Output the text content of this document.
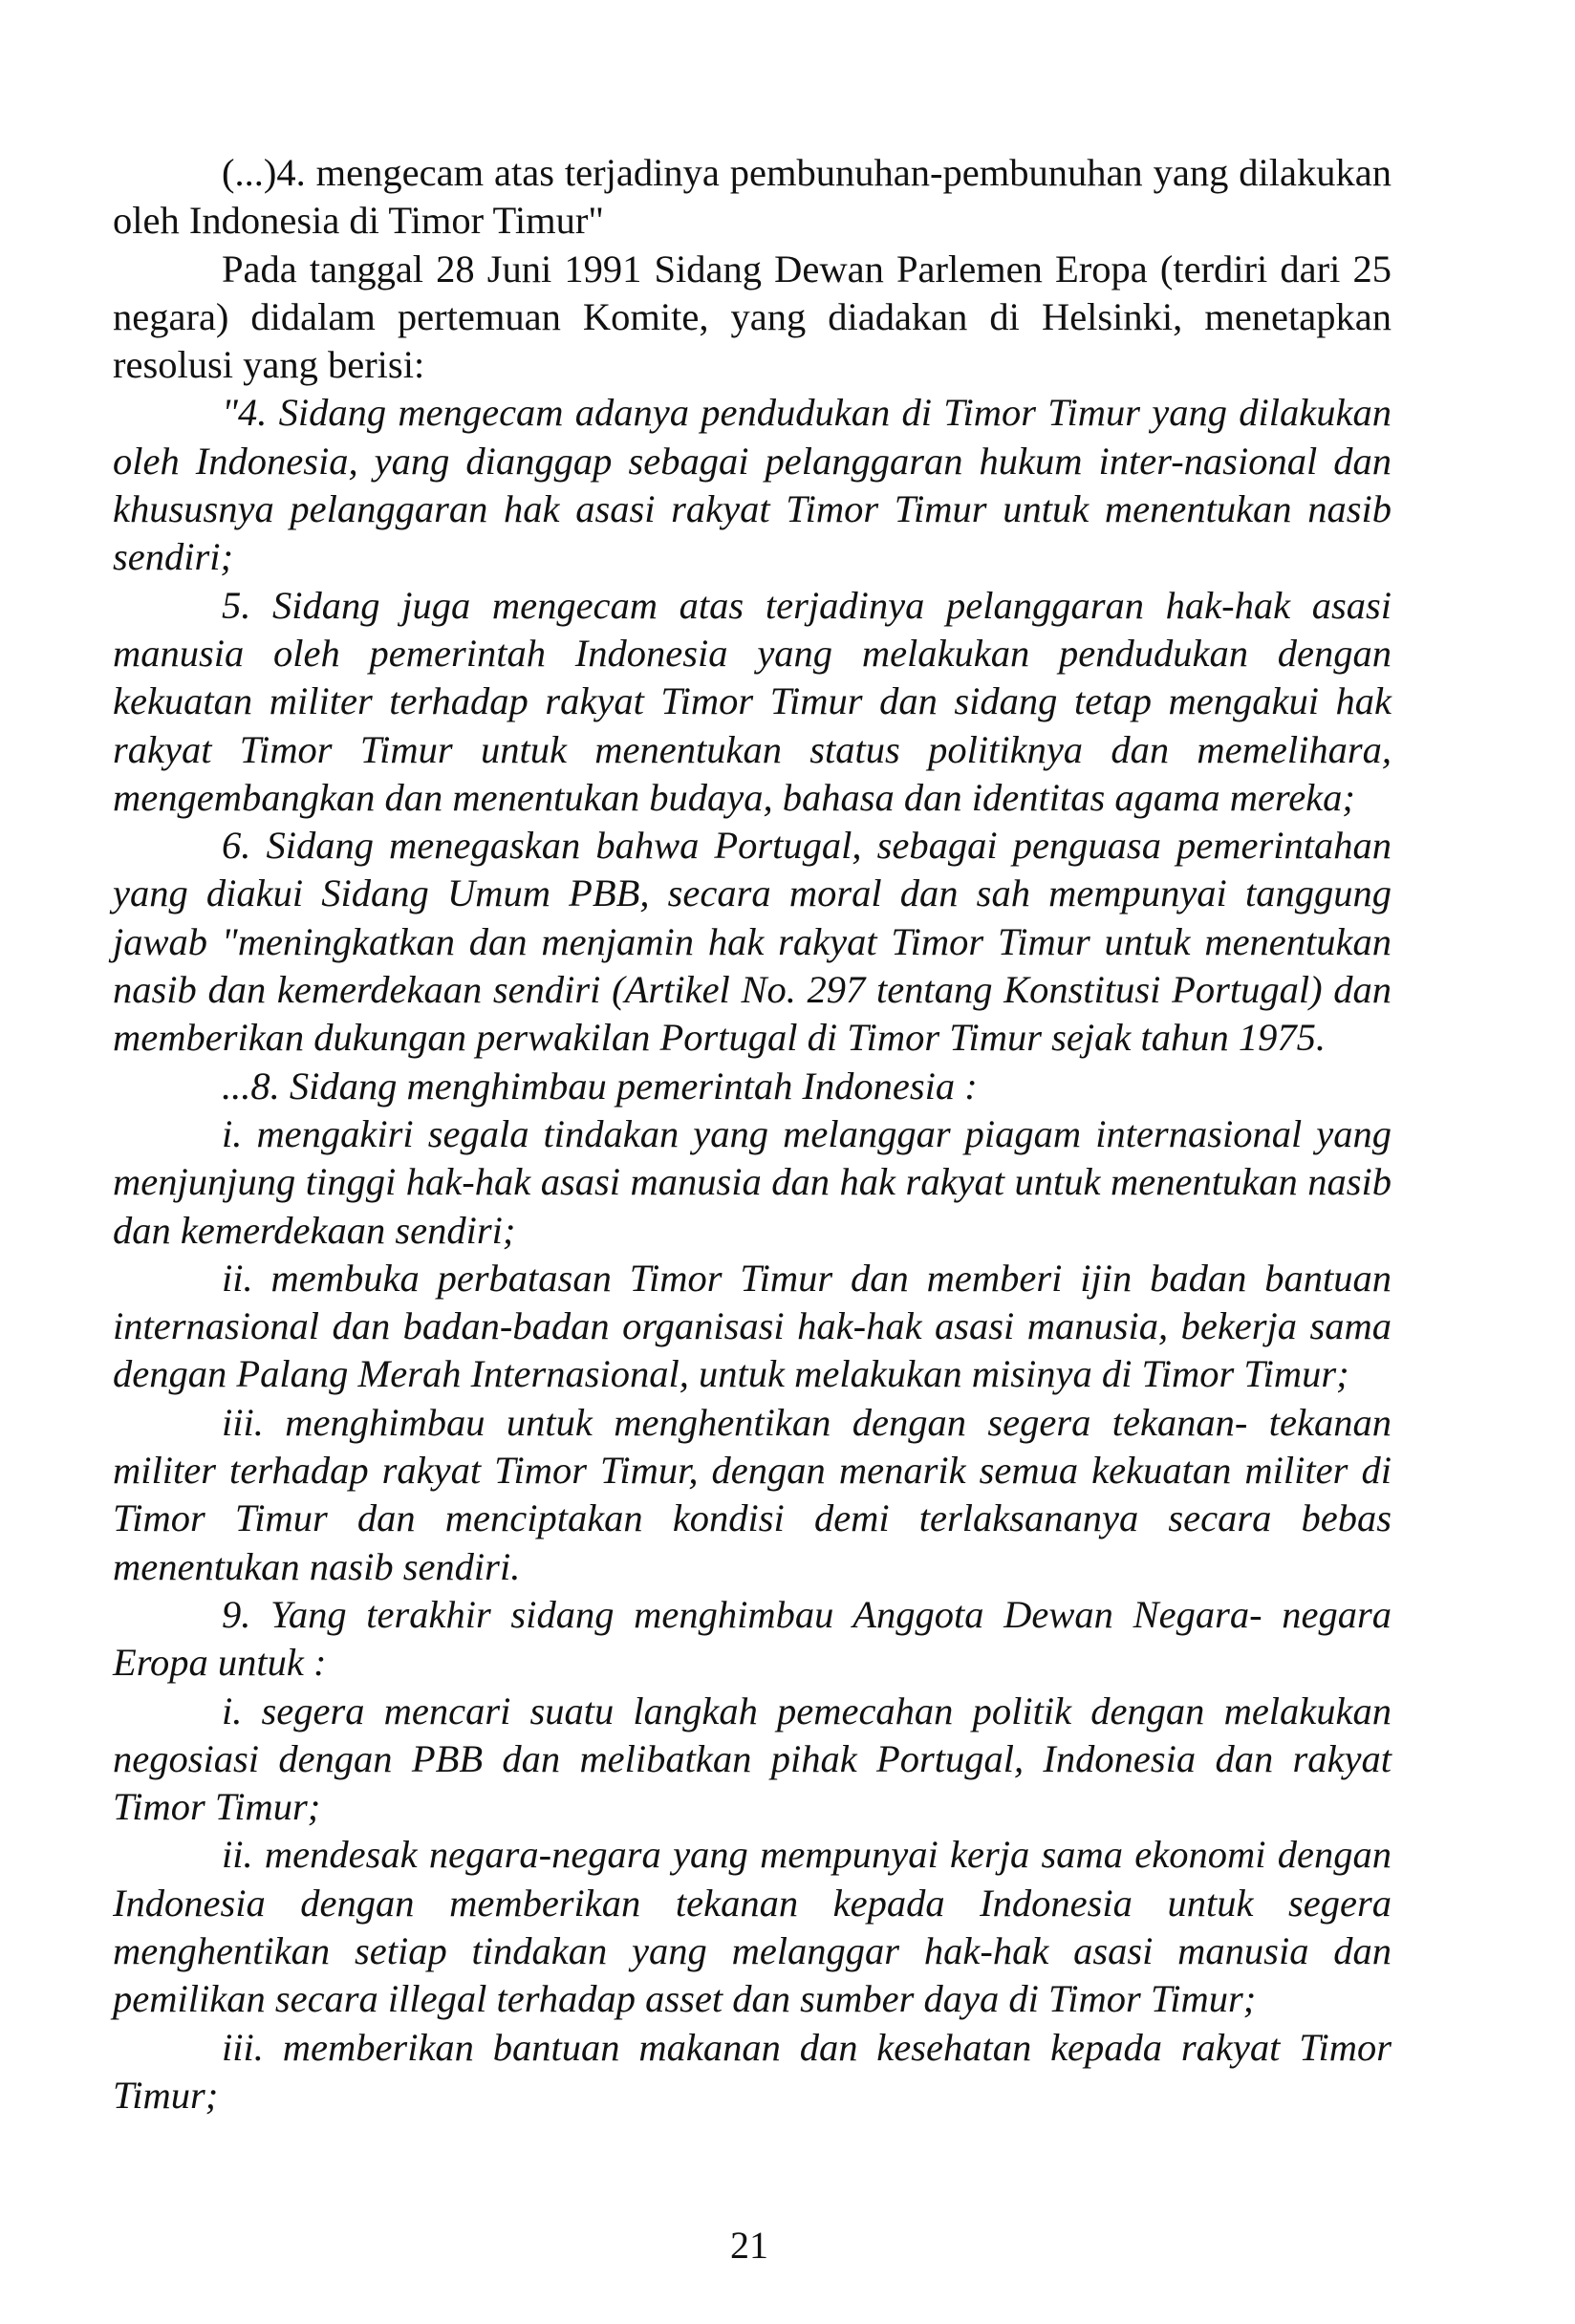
(...)4. mengecam atas terjadinya pembunuhan-pembunuhan yang dilakukan oleh Indonesia di Timor Timur"

Pada tanggal 28 Juni 1991 Sidang Dewan Parlemen Eropa (terdiri dari 25 negara) didalam pertemuan Komite, yang diadakan di Helsinki, menetapkan resolusi yang berisi:

"4. Sidang mengecam adanya pendudukan di Timor Timur yang dilakukan oleh Indonesia, yang dianggap sebagai pelanggaran hukum inter-nasional dan khususnya pelanggaran hak asasi rakyat Timor Timur untuk menentukan nasib sendiri;

5. Sidang juga mengecam atas terjadinya pelanggaran hak-hak asasi manusia oleh pemerintah Indonesia yang melakukan pendudukan dengan kekuatan militer terhadap rakyat Timor Timur dan sidang tetap mengakui hak rakyat Timor Timur untuk menentukan status politiknya dan memelihara, mengembangkan dan menentukan budaya, bahasa dan identitas agama mereka;

6. Sidang menegaskan bahwa Portugal, sebagai penguasa pemerintahan yang diakui Sidang Umum PBB, secara moral dan sah mempunyai tanggung jawab "meningkatkan dan menjamin hak rakyat Timor Timur untuk menentukan nasib dan kemerdekaan sendiri (Artikel No. 297 tentang Konstitusi Portugal) dan memberikan dukungan perwakilan Portugal di Timor Timur sejak tahun 1975.

...8. Sidang menghimbau pemerintah Indonesia :

i. mengakiri segala tindakan yang melanggar piagam internasional yang menjunjung tinggi hak-hak asasi manusia dan hak rakyat untuk menentukan nasib dan kemerdekaan sendiri;

ii. membuka perbatasan Timor Timur dan memberi ijin badan bantuan internasional dan badan-badan organisasi hak-hak asasi manusia, bekerja sama dengan Palang Merah Internasional, untuk melakukan misinya di Timor Timur;

iii. menghimbau untuk menghentikan dengan segera tekanan- tekanan militer terhadap rakyat Timor Timur, dengan menarik semua kekuatan militer di Timor Timur dan menciptakan kondisi demi terlaksananya secara bebas menentukan nasib sendiri.

9. Yang terakhir sidang menghimbau Anggota Dewan Negara- negara Eropa untuk :

i. segera mencari suatu langkah pemecahan politik dengan melakukan negosiasi dengan PBB dan melibatkan pihak Portugal, Indonesia dan rakyat Timor Timur;

ii. mendesak negara-negara yang mempunyai kerja sama ekonomi dengan Indonesia dengan memberikan tekanan kepada Indonesia untuk segera menghentikan setiap tindakan yang melanggar hak-hak asasi manusia dan pemilikan secara illegal terhadap asset dan sumber daya di Timor Timur;

iii. memberikan bantuan makanan dan kesehatan kepada rakyat Timor Timur;

21
